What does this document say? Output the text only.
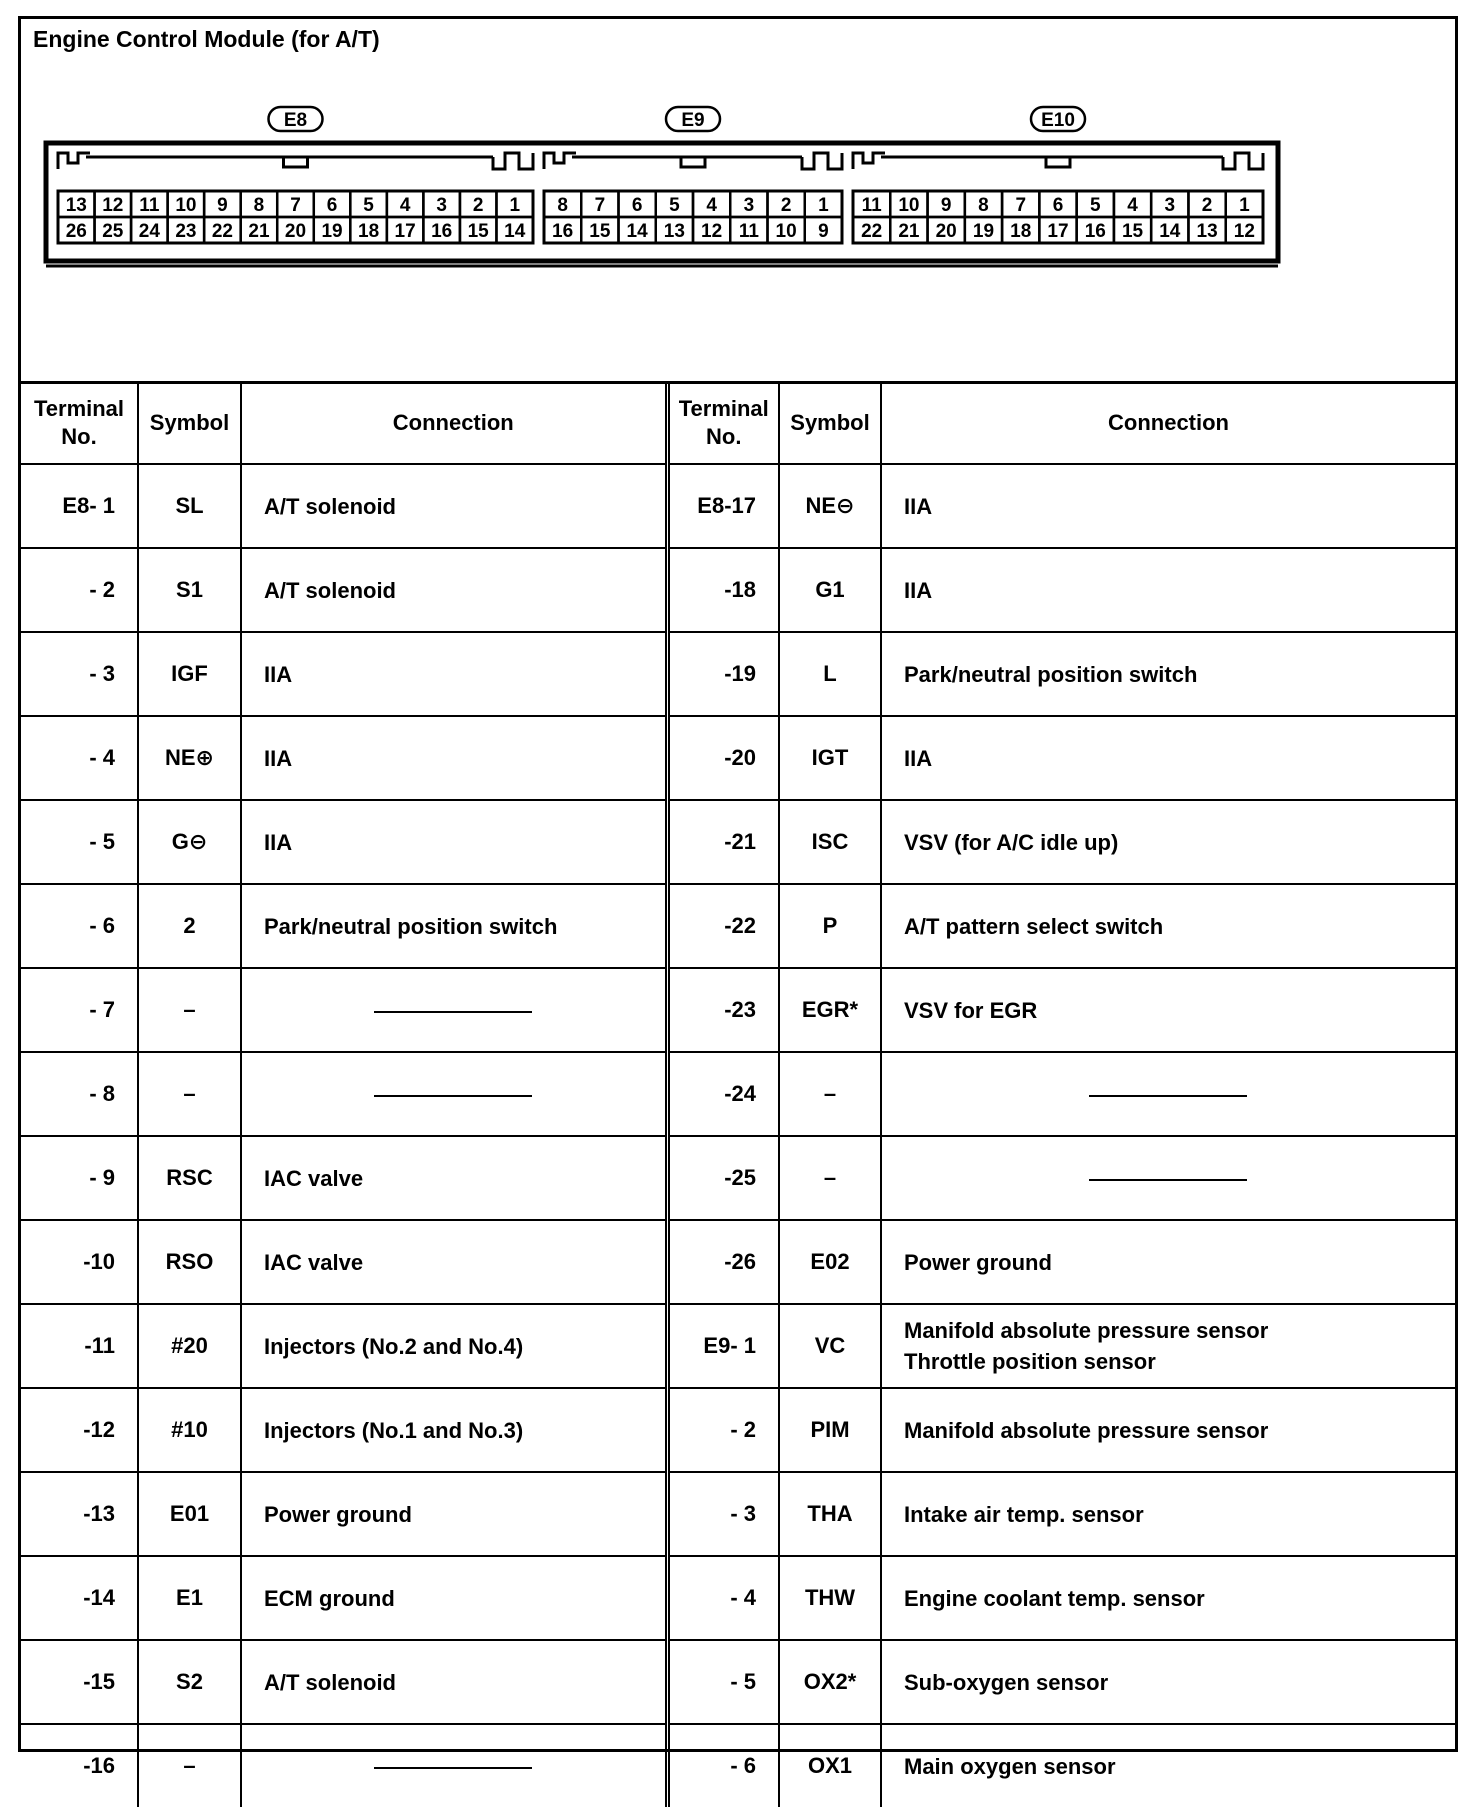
Engine Control Module (for A/T)
E8
13 12 11 10 9 8 7 6 5 4 3 2 1
26 25 24 23 22 21 20 19 18 17 16 15 14
E9
8 7 6 5 4 3 2 1
16 15 14 13 12 11 10 9
E10
11 10 9 8 7 6 5 4 3 2 1
22 21 20 19 18 17 16 15 14 13 12
Terminal
No.	Symbol	Connection	Terminal
No.	Symbol	Connection
E8- 1	SL	A/T solenoid	E8-17	NE⊖	IIA
- 2	S1	A/T solenoid	-18	G1	IIA
- 3	IGF	IIA	-19	L	Park/neutral position switch
- 4	NE⊕	IIA	-20	IGT	IIA
- 5	G⊖	IIA	-21	ISC	VSV (for A/C idle up)
- 6	2	Park/neutral position switch	-22	P	A/T pattern select switch
- 7	–		-23	EGR*	VSV for EGR
- 8	–		-24	–	
- 9	RSC	IAC valve	-25	–	
-10	RSO	IAC valve	-26	E02	Power ground
-11	#20	Injectors (No.2 and No.4)	E9- 1	VC	Manifold absolute pressure sensor
Throttle position sensor
-12	#10	Injectors (No.1 and No.3)	- 2	PIM	Manifold absolute pressure sensor
-13	E01	Power ground	- 3	THA	Intake air temp. sensor
-14	E1	ECM ground	- 4	THW	Engine coolant temp. sensor
-15	S2	A/T solenoid	- 5	OX2*	Sub-oxygen sensor
-16	–		- 6	OX1	Main oxygen sensor
